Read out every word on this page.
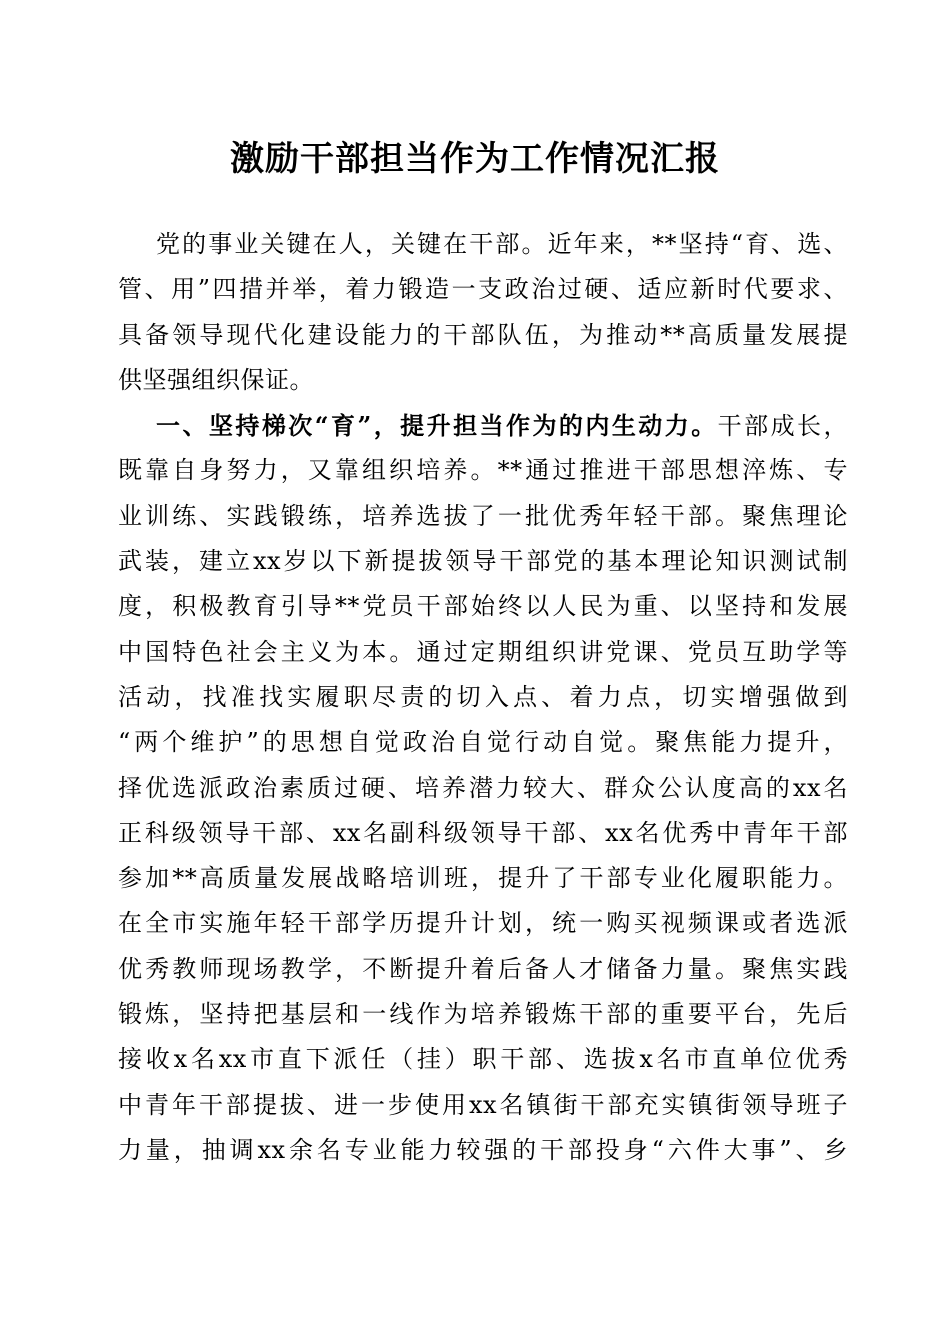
激励干部担当作为工作情况汇报
党的事业关键在人，关键在干部。近年来，**坚持“育、选、
管、用”四措并举，着力锻造一支政治过硬、适应新时代要求、
具备领导现代化建设能力的干部队伍，为推动**高质量发展提
供坚强组织保证。
一、坚持梯次“育”，提升担当作为的内生动力。干部成长，
既靠自身努力，又靠组织培养。**通过推进干部思想淬炼、专
业训练、实践锻练，培养选拔了一批优秀年轻干部。聚焦理论
武装，建立xx岁以下新提拔领导干部党的基本理论知识测试制
度，积极教育引导**党员干部始终以人民为重、以坚持和发展
中国特色社会主义为本。通过定期组织讲党课、党员互助学等
活动，找准找实履职尽责的切入点、着力点，切实增强做到
“两个维护”的思想自觉政治自觉行动自觉。聚焦能力提升，
择优选派政治素质过硬、培养潜力较大、群众公认度高的xx名
正科级领导干部、xx名副科级领导干部、xx名优秀中青年干部
参加**高质量发展战略培训班，提升了干部专业化履职能力。
在全市实施年轻干部学历提升计划，统一购买视频课或者选派
优秀教师现场教学，不断提升着后备人才储备力量。聚焦实践
锻炼，坚持把基层和一线作为培养锻炼干部的重要平台，先后
接收x名xx市直下派任（挂）职干部、选拔x名市直单位优秀
中青年干部提拔、进一步使用xx名镇街干部充实镇街领导班子
力量，抽调xx余名专业能力较强的干部投身“六件大事”、乡
